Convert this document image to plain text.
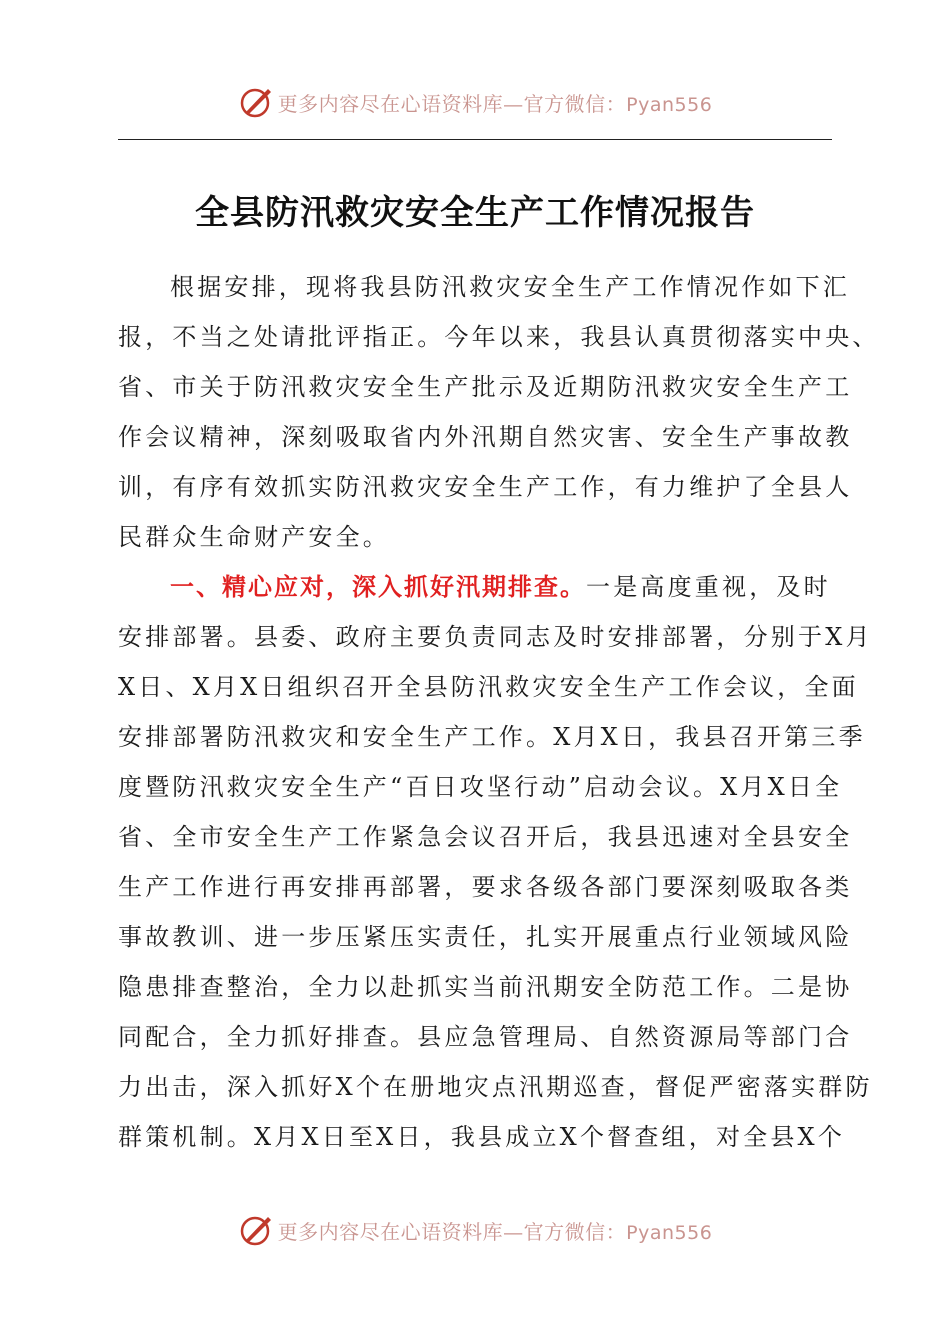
更多内容尽在心语资料库—官方微信：Pyan556
全县防汛救灾安全生产工作情况报告
根据安排，现将我县防汛救灾安全生产工作情况作如下汇
报，不当之处请批评指正。今年以来，我县认真贯彻落实中央、
省、市关于防汛救灾安全生产批示及近期防汛救灾安全生产工
作会议精神，深刻吸取省内外汛期自然灾害、安全生产事故教
训，有序有效抓实防汛救灾安全生产工作，有力维护了全县人
民群众生命财产安全。
一、精心应对，深入抓好汛期排查。一是高度重视，及时
安排部署。县委、政府主要负责同志及时安排部署，分别于X月
X日、X月X日组织召开全县防汛救灾安全生产工作会议，全面
安排部署防汛救灾和安全生产工作。X月X日，我县召开第三季
度暨防汛救灾安全生产“百日攻坚行动”启动会议。X月X日全
省、全市安全生产工作紧急会议召开后，我县迅速对全县安全
生产工作进行再安排再部署，要求各级各部门要深刻吸取各类
事故教训、进一步压紧压实责任，扎实开展重点行业领域风险
隐患排查整治，全力以赴抓实当前汛期安全防范工作。二是协
同配合，全力抓好排查。县应急管理局、自然资源局等部门合
力出击，深入抓好X个在册地灾点汛期巡查，督促严密落实群防
群策机制。X月X日至X日，我县成立X个督查组，对全县X个
更多内容尽在心语资料库—官方微信：Pyan556
